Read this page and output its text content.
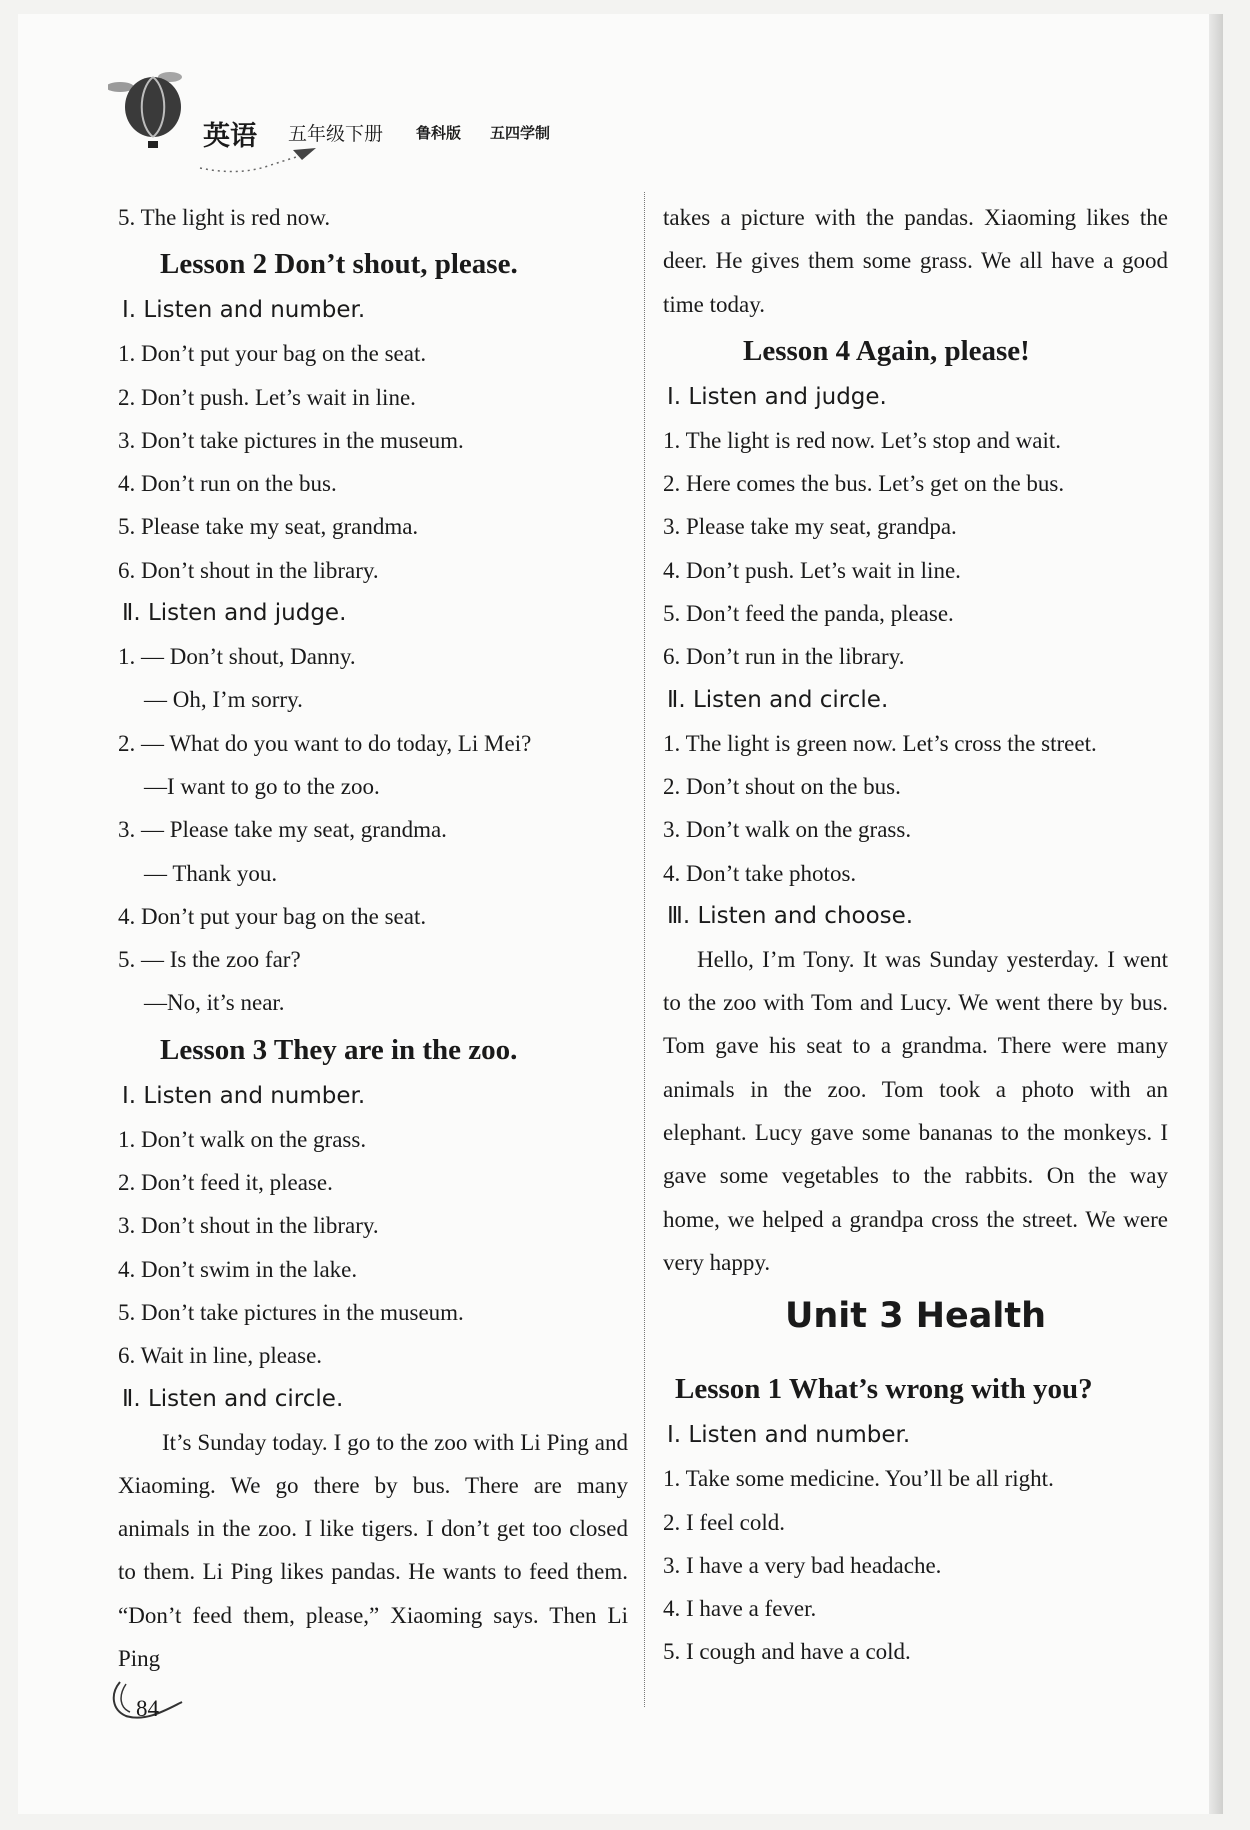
英语 五年级下册 鲁科版 五四学制
5. The light is red now.
Lesson 2 Don’t shout, please.
Ⅰ. Listen and number.
1. Don’t put your bag on the seat.
2. Don’t push. Let’s wait in line.
3. Don’t take pictures in the museum.
4. Don’t run on the bus.
5. Please take my seat, grandma.
6. Don’t shout in the library.
Ⅱ. Listen and judge.
1. — Don’t shout, Danny.
— Oh, I’m sorry.
2. — What do you want to do today, Li Mei?
—I want to go to the zoo.
3. — Please take my seat, grandma.
— Thank you.
4. Don’t put your bag on the seat.
5. — Is the zoo far?
—No, it’s near.
Lesson 3 They are in the zoo.
Ⅰ. Listen and number.
1. Don’t walk on the grass.
2. Don’t feed it, please.
3. Don’t shout in the library.
4. Don’t swim in the lake.
5. Don’t take pictures in the museum.
6. Wait in line, please.
Ⅱ. Listen and circle.
It’s Sunday today. I go to the zoo with Li Ping and Xiaoming. We go there by bus. There are many animals in the zoo. I like tigers. I don’t get too closed to them. Li Ping likes pandas. He wants to feed them. “Don’t feed them, please,” Xiaoming says. Then Li Ping
takes a picture with the pandas. Xiaoming likes the deer. He gives them some grass. We all have a good time today.
Lesson 4 Again, please!
Ⅰ. Listen and judge.
1. The light is red now. Let’s stop and wait.
2. Here comes the bus. Let’s get on the bus.
3. Please take my seat, grandpa.
4. Don’t push. Let’s wait in line.
5. Don’t feed the panda, please.
6. Don’t run in the library.
Ⅱ. Listen and circle.
1. The light is green now. Let’s cross the street.
2. Don’t shout on the bus.
3. Don’t walk on the grass.
4. Don’t take photos.
Ⅲ. Listen and choose.
Hello, I’m Tony. It was Sunday yesterday. I went to the zoo with Tom and Lucy. We went there by bus. Tom gave his seat to a grandma. There were many animals in the zoo. Tom took a photo with an elephant. Lucy gave some bananas to the monkeys. I gave some vegetables to the rabbits. On the way home, we helped a grandpa cross the street. We were very happy.
Unit 3 Health
Lesson 1 What’s wrong with you?
Ⅰ. Listen and number.
1. Take some medicine. You’ll be all right.
2. I feel cold.
3. I have a very bad headache.
4. I have a fever.
5. I cough and have a cold.
84
